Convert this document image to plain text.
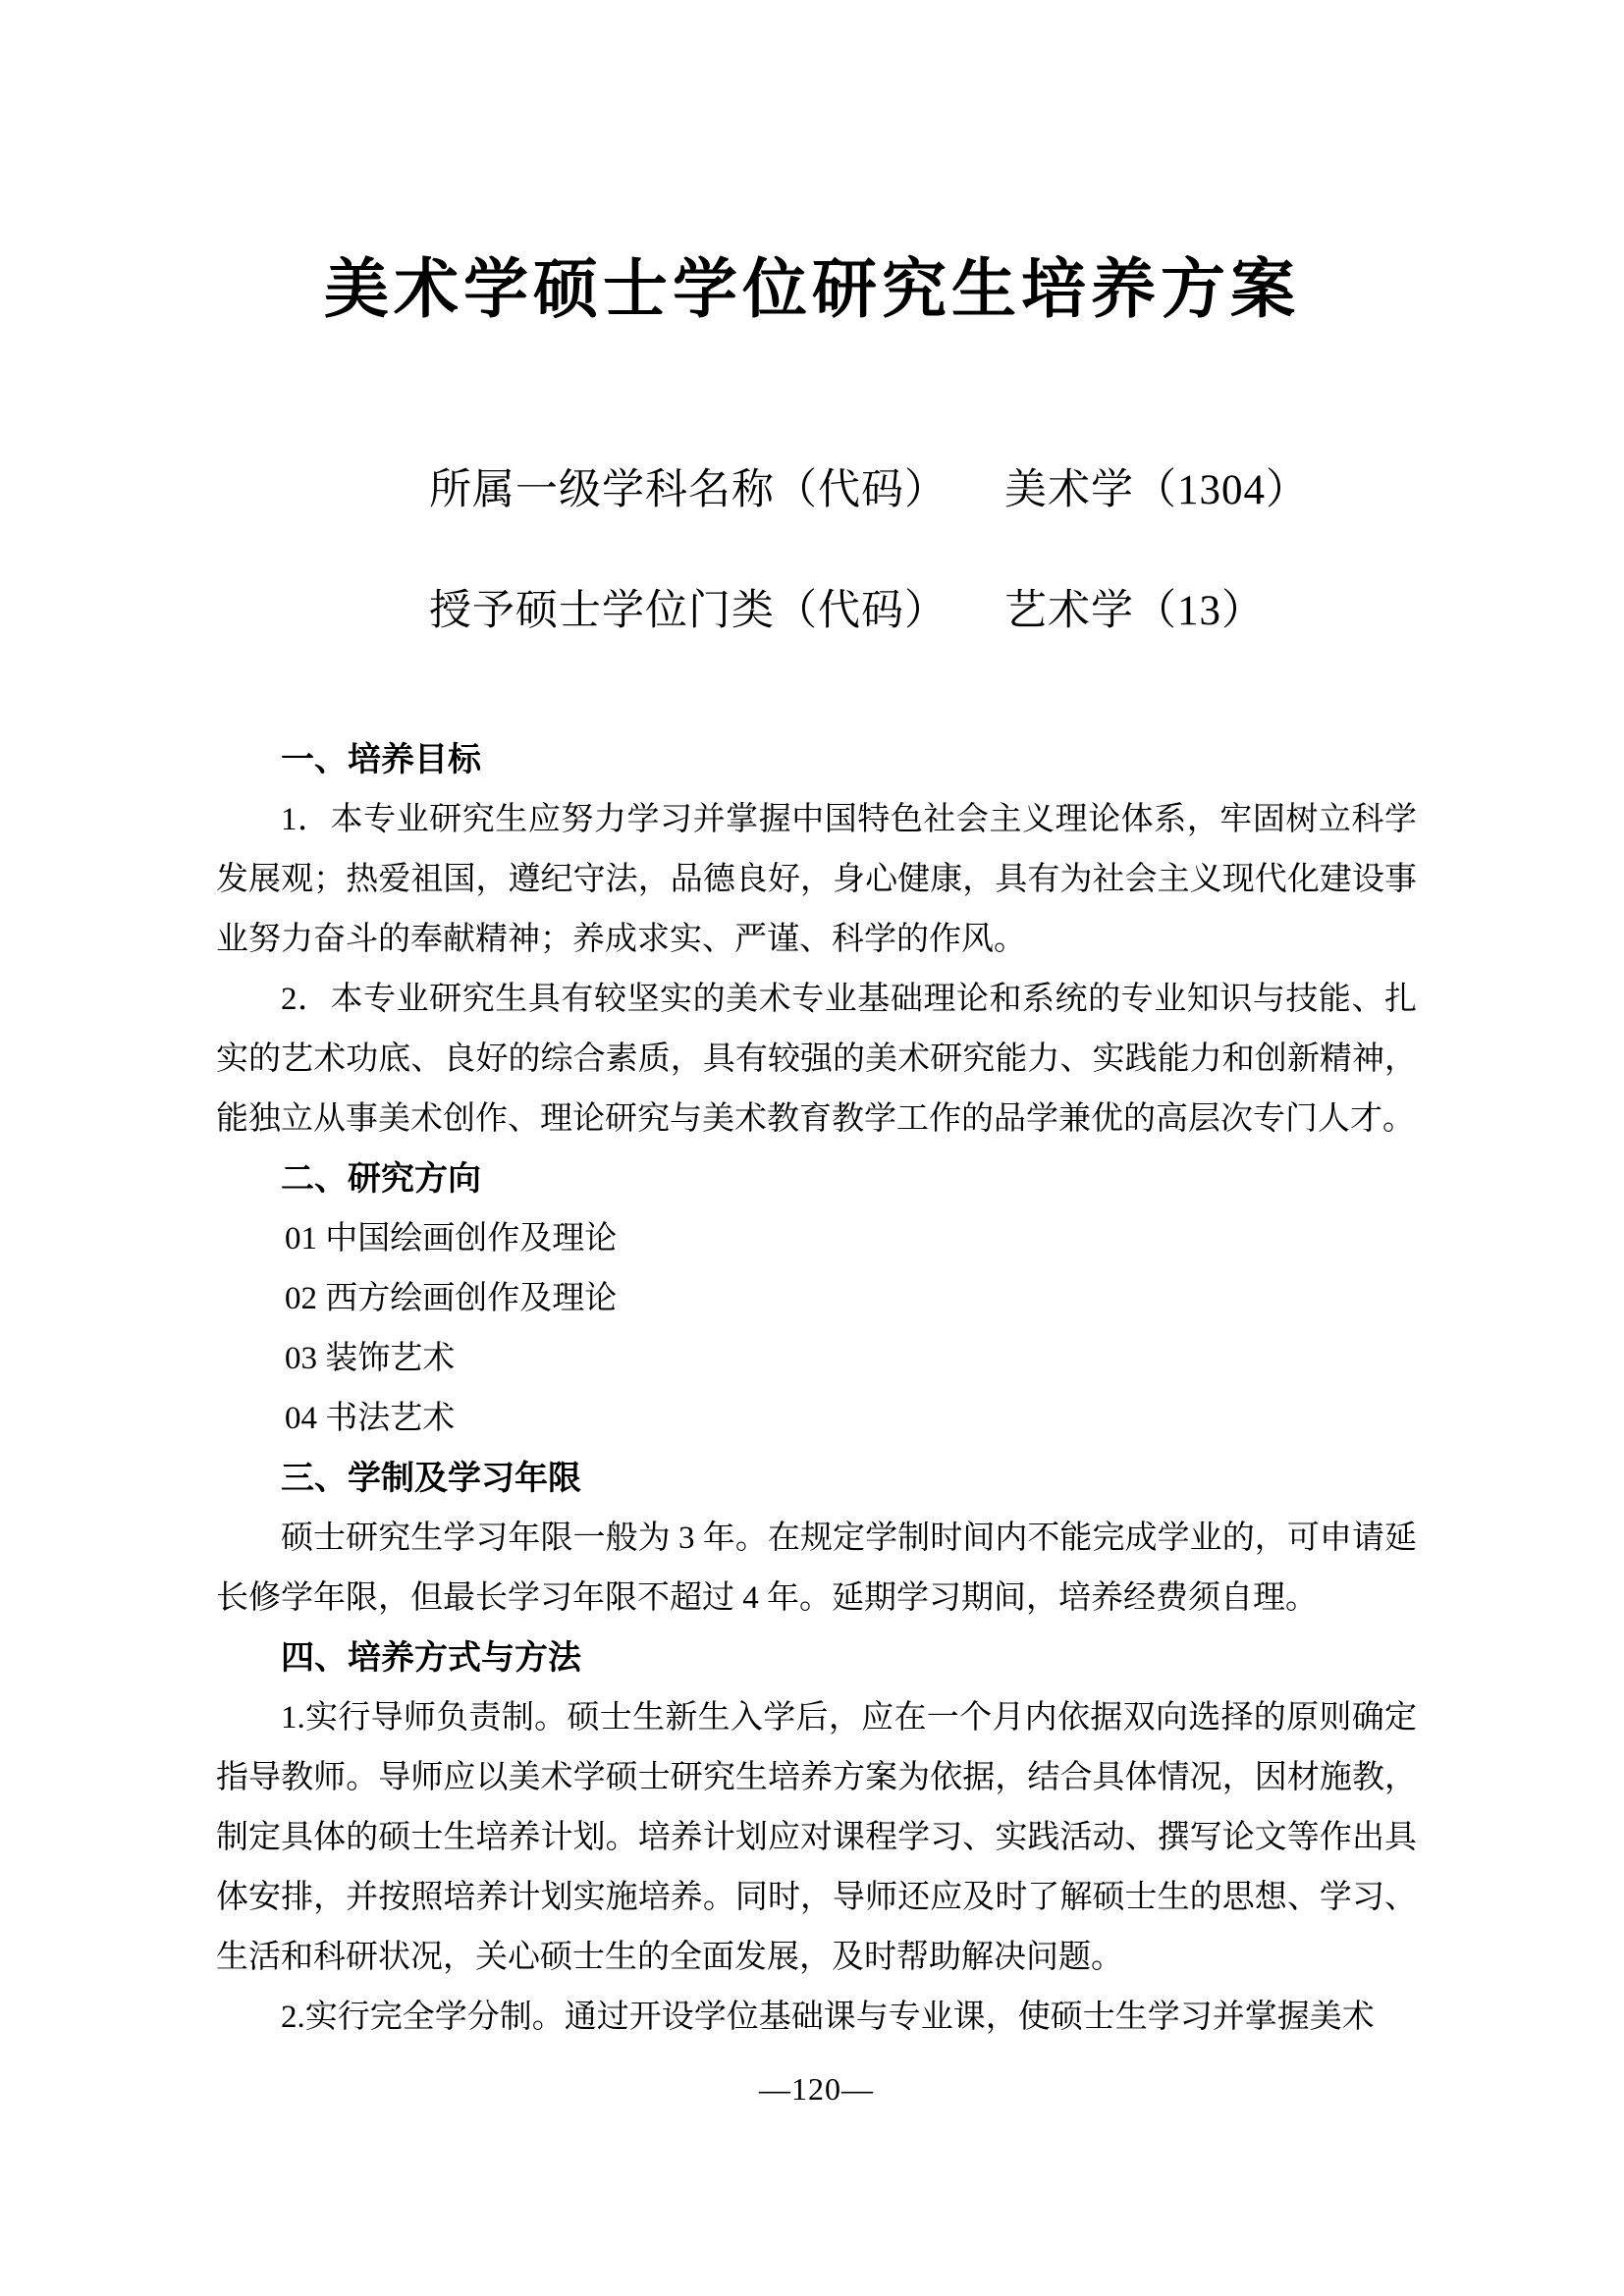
美术学硕士学位研究生培养方案
所属一级学科名称（代码） 美术学（1304）
授予硕士学位门类（代码） 艺术学（13）
一、培养目标

1．本专业研究生应努力学习并掌握中国特色社会主义理论体系，牢固树立科学发展观；热爱祖国，遵纪守法，品德良好，身心健康，具有为社会主义现代化建设事业努力奋斗的奉献精神；养成求实、严谨、科学的作风。

2．本专业研究生具有较坚实的美术专业基础理论和系统的专业知识与技能、扎实的艺术功底、良好的综合素质，具有较强的美术研究能力、实践能力和创新精神，能独立从事美术创作、理论研究与美术教育教学工作的品学兼优的高层次专门人才。

二、研究方向
01 中国绘画创作及理论
02 西方绘画创作及理论
03 装饰艺术
04 书法艺术
三、学制及学习年限

硕士研究生学习年限一般为 3 年。在规定学制时间内不能完成学业的，可申请延长修学年限，但最长学习年限不超过 4 年。延期学习期间，培养经费须自理。

四、培养方式与方法

1.实行导师负责制。硕士生新生入学后，应在一个月内依据双向选择的原则确定指导教师。导师应以美术学硕士研究生培养方案为依据，结合具体情况，因材施教，制定具体的硕士生培养计划。培养计划应对课程学习、实践活动、撰写论文等作出具体安排，并按照培养计划实施培养。同时，导师还应及时了解硕士生的思想、学习、生活和科研状况，关心硕士生的全面发展，及时帮助解决问题。

2.实行完全学分制。通过开设学位基础课与专业课，使硕士生学习并掌握美术

—120—
